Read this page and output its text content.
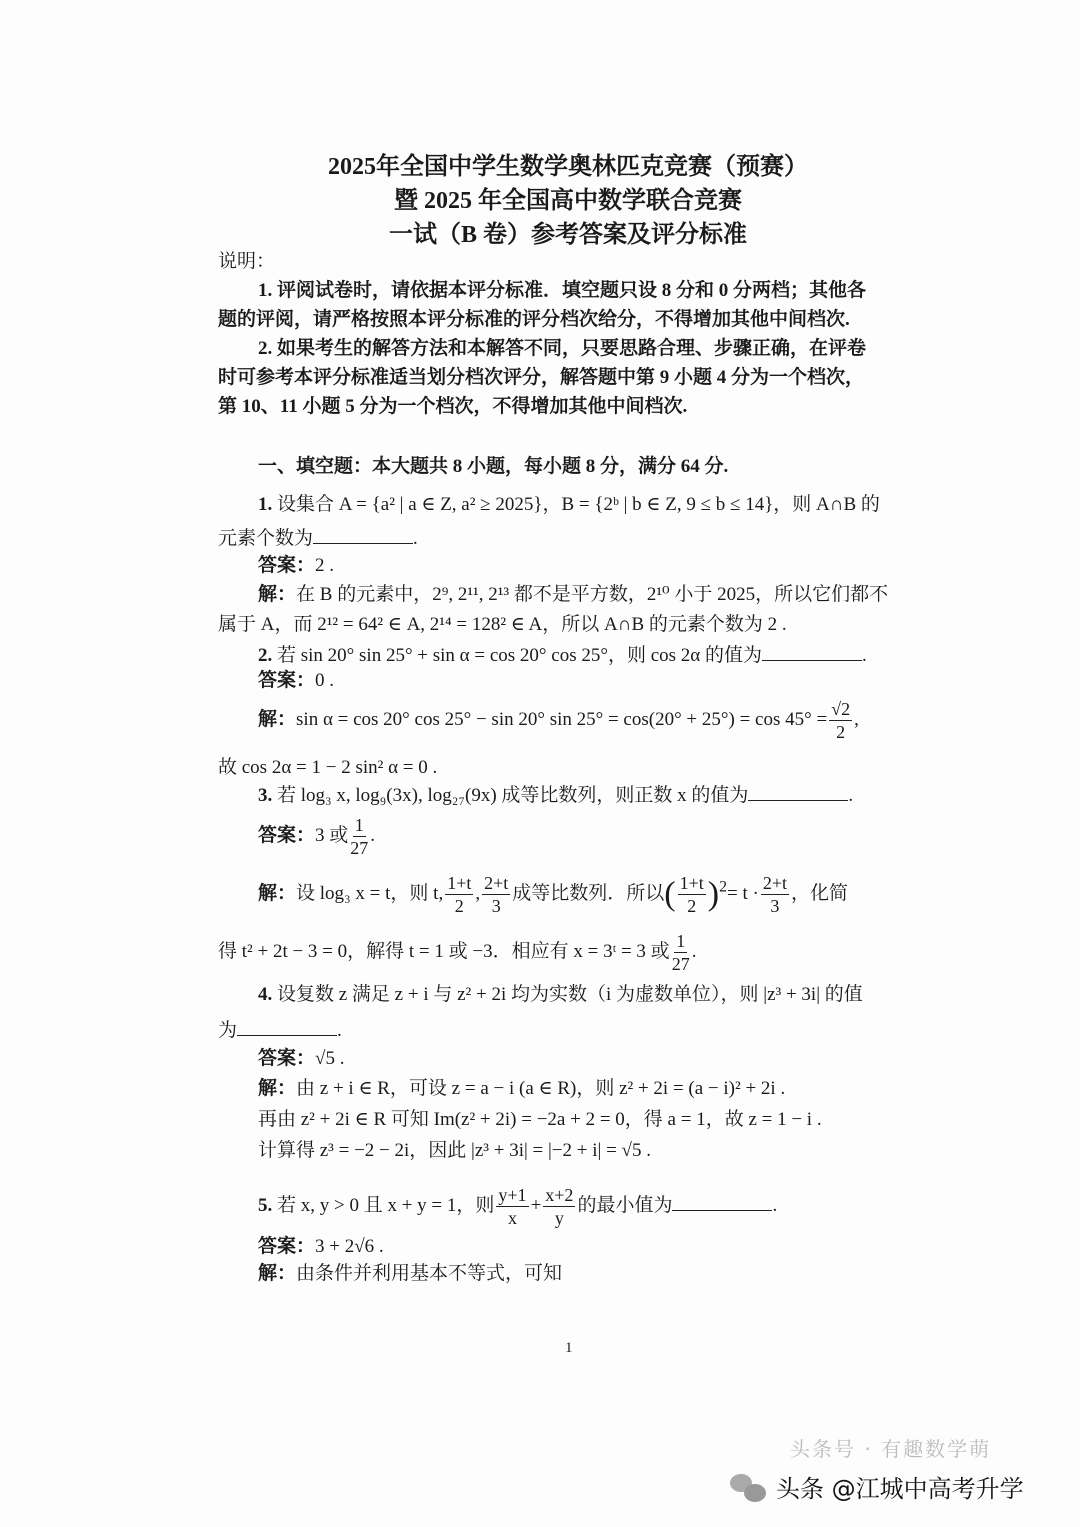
2025年全国中学生数学奥林匹克竞赛（预赛）
暨 2025 年全国高中数学联合竞赛
一试（B 卷）参考答案及评分标准
说明：
1. 评阅试卷时，请依据本评分标准．填空题只设 8 分和 0 分两档；其他各
题的评阅，请严格按照本评分标准的评分档次给分，不得增加其他中间档次.
2. 如果考生的解答方法和本解答不同，只要思路合理、步骤正确，在评卷
时可参考本评分标准适当划分档次评分，解答题中第 9 小题 4 分为一个档次，
第 10、11 小题 5 分为一个档次，不得增加其他中间档次.
一、填空题：本大题共 8 小题，每小题 8 分，满分 64 分.
1. 设集合 A = {a² | a ∈ Z, a² ≥ 2025}，B = {2ᵇ | b ∈ Z, 9 ≤ b ≤ 14}，则 A∩B 的
元素个数为	.
答案：2 .
解：在 B 的元素中，2⁹, 2¹¹, 2¹³ 都不是平方数，2¹⁰ 小于 2025，所以它们都不
属于 A，而 2¹² = 64² ∈ A, 2¹⁴ = 128² ∈ A，所以 A∩B 的元素个数为 2 .
2. 若 sin 20° sin 25° + sin α = cos 20° cos 25°，则 cos 2α 的值为	.
答案：0 .
解：sin α = cos 20° cos 25° − sin 20° $\sin 25^\circ = \cos(20^\circ + 25^\circ) = \cos 45^\circ = \frac{√2}{2}$ ,
故 cos 2α = 1 − 2 sin² α = 0 .
3. 若 log₃ x, log₉(3x), log₂₇(9x) 成等比数列，则正数 x 的值为	.
答案：3 或 $\frac{1}{27}$ .
解：设 log₃ x = t，则 t, $\frac{1+t}{2}$ , $\frac{2+t}{3}$ 成等比数列．所以( $\frac{1+t}{2} )^2= t \cdot \frac{2+t}{3}$ ，化简
得 t² + 2t − 3 = 0，解得 t = 1 或 −3．相应有 x = 3ᵗ = 3 或 $\frac{1}{27}$ .
4. 设复数 z 满足 z + i 与 z² + 2i 均为实数（i 为虚数单位），则 |z³ + 3i| 的值
为	.
答案：√5 .
解：由 z + i ∈ R，可设 z = a − i (a ∈ R)，则 z² + 2i = (a − i)² + 2i .
再由 z² + 2i ∈ R 可知 Im(z² + 2i) = −2a + 2 = 0，得 a = 1，故 z = 1 − i .
计算得 z³ = −2 − 2i，因此 |z³ + 3i| = |−2 + i| = √5 .
5. 若 x, y > 0 且 x + y = 1，则 $\frac{y+1}{x} + \frac{x+2}{y}$ 的最小值为	.
答案：3 + 2√6 .
解：由条件并利用基本不等式，可知
1
头条号 · 有趣数学萌
头条 @江城中高考升学
